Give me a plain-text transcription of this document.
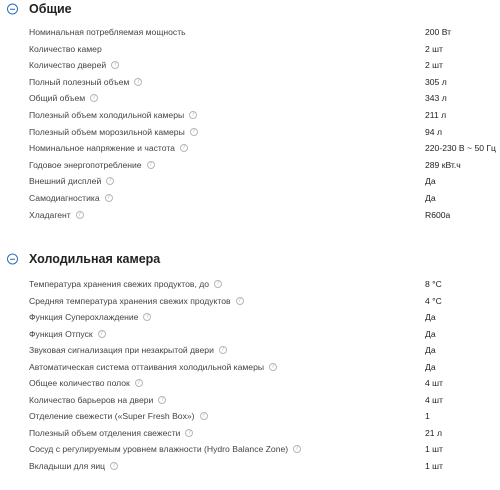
Общие
Номинальная потребляемая мощность	200 Вт
Количество камер	2 шт
Количество дверей ?	2 шт
Полный полезный объем ?	305 л
Общий объем ?	343 л
Полезный объем холодильной камеры ?	211 л
Полезный объем морозильной камеры ?	94 л
Номинальное напряжение и частота ?	220-230 В ~ 50 Гц
Годовое энергопотребление ?	289 кВт.ч
Внешний дисплей ?	Да
Самодиагностика ?	Да
Хладагент ?	R600a
Холодильная камера
Температура хранения свежих продуктов, до ?	8 °С
Средняя температура хранения свежих продуктов ?	4 °С
Функция Суперохлаждение ?	Да
Функция Отпуск ?	Да
Звуковая сигнализация при незакрытой двери ?	Да
Автоматическая система оттаивания холодильной камеры ?	Да
Общее количество полок ?	4 шт
Количество барьеров на двери ?	4 шт
Отделение свежести («Super Fresh Box») ?	1
Полезный объем отделения свежести ?	21 л
Сосуд с регулируемым уровнем влажности (Hydro Balance Zone) ?	1 шт
Вкладыши для яиц ?	1 шт
